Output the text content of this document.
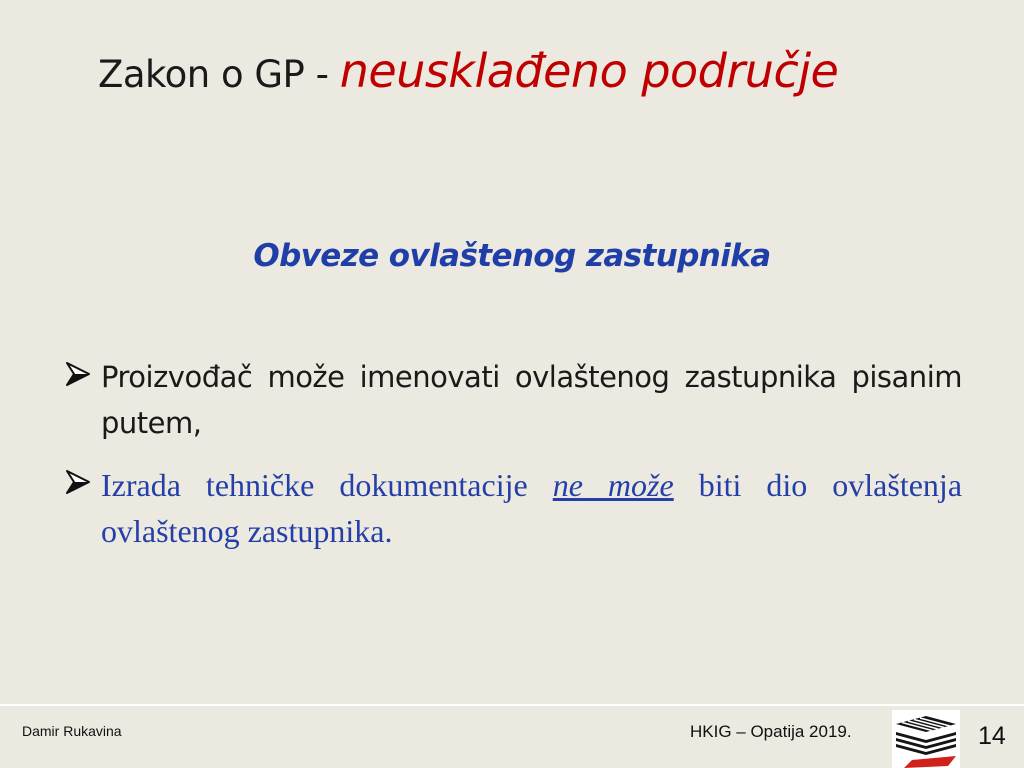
Zakon o GP - neusklađeno područje
Obveze ovlaštenog zastupnika
Proizvođač može imenovati ovlaštenog zastupnika pisanim putem,
Izrada tehničke dokumentacije ne može biti dio ovlaštenja ovlaštenog zastupnika.
Damir Rukavina	HKIG – Opatija 2019.	14
